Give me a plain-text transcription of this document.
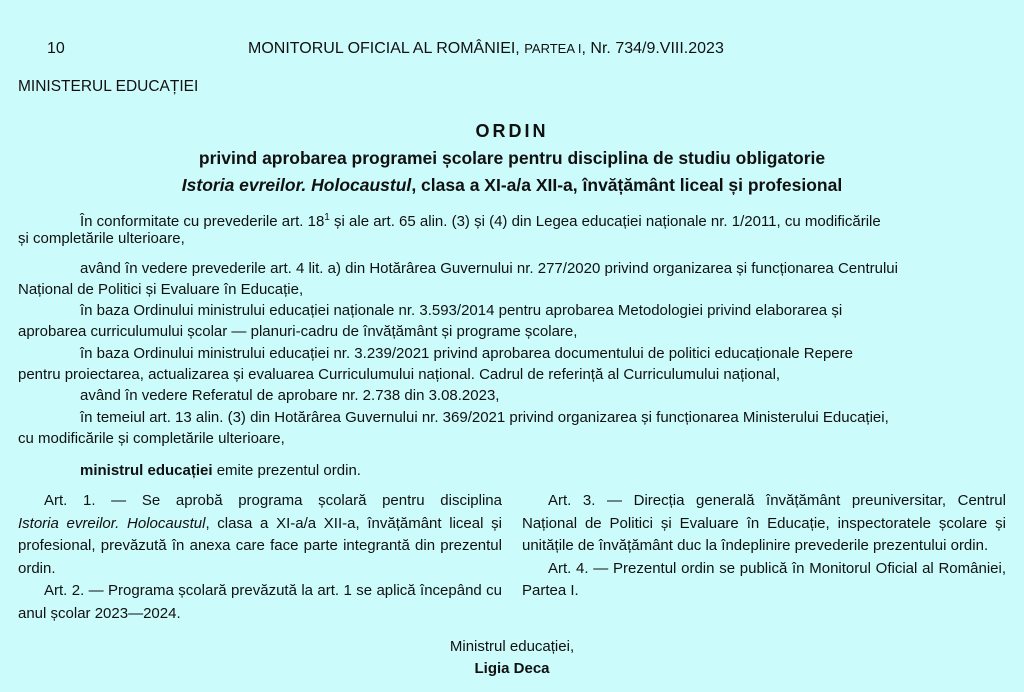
10	MONITORUL OFICIAL AL ROMÂNIEI, PARTEA I, Nr. 734/9.VIII.2023
MINISTERUL EDUCAȚIEI
ORDIN
privind aprobarea programei școlare pentru disciplina de studiu obligatorie
Istoria evreilor. Holocaustul, clasa a XI-a/a XII-a, învățământ liceal și profesional
În conformitate cu prevederile art. $18^1$ și ale art. 65 alin. (3) și (4) din Legea educației naționale nr. 1/2011, cu modificările
și completările ulterioare,
având în vedere prevederile art. 4 lit. a) din Hotărârea Guvernului nr. 277/2020 privind organizarea și funcționarea Centrului
Național de Politici și Evaluare în Educație,
în baza Ordinului ministrului educației naționale nr. 3.593/2014 pentru aprobarea Metodologiei privind elaborarea și
aprobarea curriculumului școlar — planuri-cadru de învățământ și programe școlare,
în baza Ordinului ministrului educației nr. 3.239/2021 privind aprobarea documentului de politici educaționale Repere
pentru proiectarea, actualizarea și evaluarea Curriculumului național. Cadrul de referință al Curriculumului național,
având în vedere Referatul de aprobare nr. 2.738 din 3.08.2023,
în temeiul art. 13 alin. (3) din Hotărârea Guvernului nr. 369/2021 privind organizarea și funcționarea Ministerului Educației,
cu modificările și completările ulterioare,
ministrul educației emite prezentul ordin.

Art. 1. — Se aprobă programa școlară pentru disciplina

Istoria evreilor. Holocaustul, clasa a XI-a/a XII-a, învățământ liceal și profesional, prevăzută în anexa care face parte integrantă din prezentul ordin.

Art. 2. — Programa școlară prevăzută la art. 1 se aplică începând cu anul școlar 2023—2024.

Art. 3. — Direcția generală învățământ preuniversitar, Centrul Național de Politici și Evaluare în Educație, inspectoratele școlare și unitățile de învățământ duc la îndeplinire prevederile prezentului ordin.

Art. 4. — Prezentul ordin se publică în Monitorul Oficial al României, Partea I.

Ministrul educației,
Ligia Deca
